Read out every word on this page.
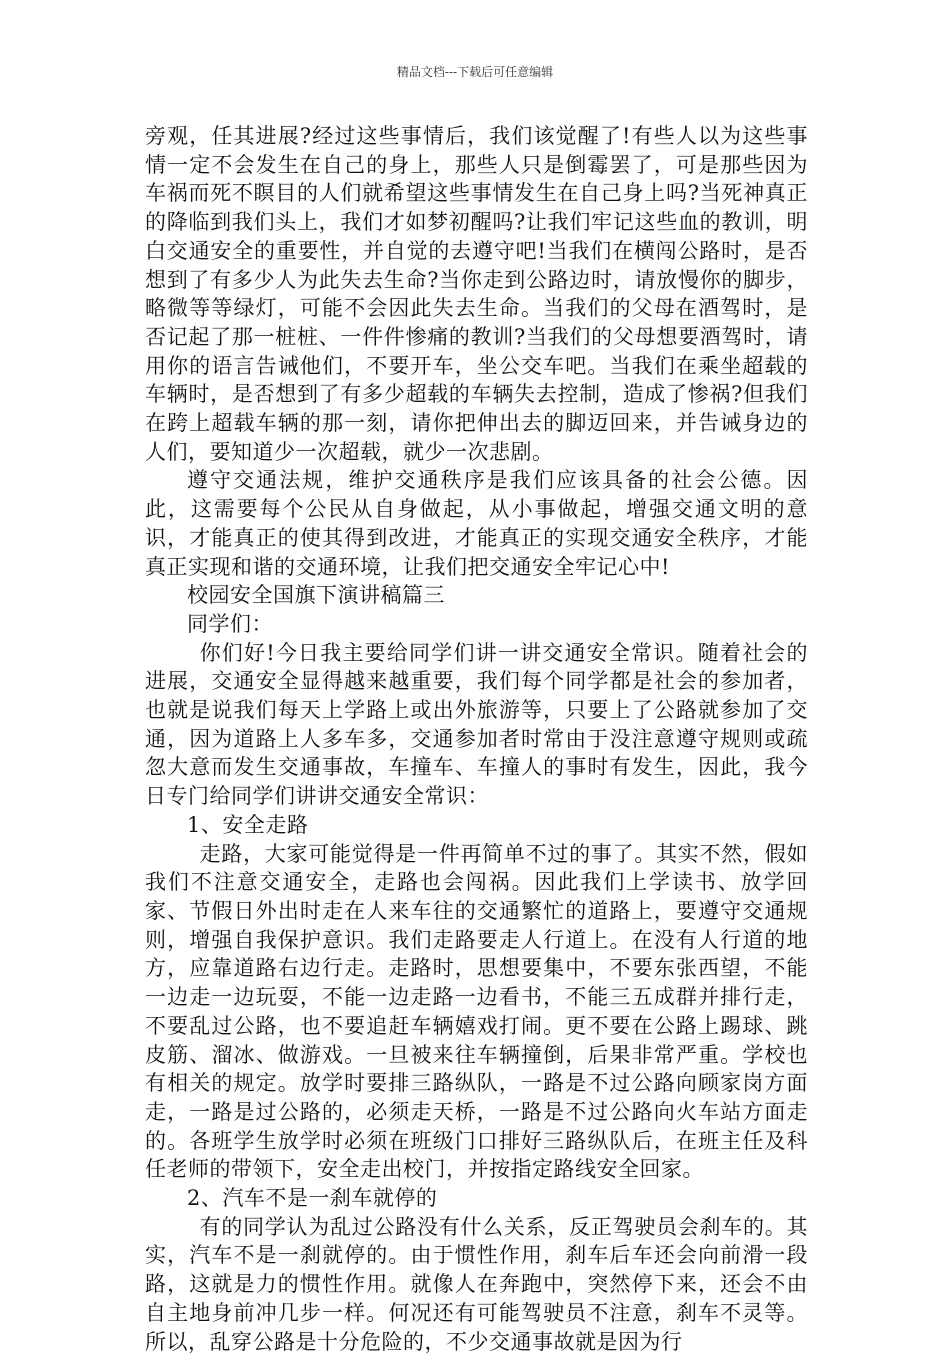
精品文档---下载后可任意编辑

旁观，任其进展?经过这些事情后，我们该觉醒了!有些人以为这些事情一定不会发生在自己的身上，那些人只是倒霉罢了，可是那些因为车祸而死不瞑目的人们就希望这些事情发生在自己身上吗?当死神真正的降临到我们头上，我们才如梦初醒吗?让我们牢记这些血的教训，明白交通安全的重要性，并自觉的去遵守吧!当我们在横闯公路时，是否想到了有多少人为此失去生命?当你走到公路边时，请放慢你的脚步，略微等等绿灯，可能不会因此失去生命。当我们的父母在酒驾时，是否记起了那一桩桩、一件件惨痛的教训?当我们的父母想要酒驾时，请用你的语言告诫他们，不要开车，坐公交车吧。当我们在乘坐超载的车辆时，是否想到了有多少超载的车辆失去控制，造成了惨祸?但我们在跨上超载车辆的那一刻，请你把伸出去的脚迈回来，并告诫身边的人们，要知道少一次超载，就少一次悲剧。

遵守交通法规，维护交通秩序是我们应该具备的社会公德。因此，这需要每个公民从自身做起，从小事做起，增强交通文明的意识，才能真正的使其得到改进，才能真正的实现交通安全秩序，才能真正实现和谐的交通环境，让我们把交通安全牢记心中!

校园安全国旗下演讲稿篇三

同学们：

你们好!今日我主要给同学们讲一讲交通安全常识。随着社会的进展，交通安全显得越来越重要，我们每个同学都是社会的参加者，也就是说我们每天上学路上或出外旅游等，只要上了公路就参加了交通，因为道路上人多车多，交通参加者时常由于没注意遵守规则或疏忽大意而发生交通事故，车撞车、车撞人的事时有发生，因此，我今日专门给同学们讲讲交通安全常识：

1、安全走路

走路，大家可能觉得是一件再简单不过的事了。其实不然，假如我们不注意交通安全，走路也会闯祸。因此我们上学读书、放学回家、节假日外出时走在人来车往的交通繁忙的道路上，要遵守交通规则，增强自我保护意识。我们走路要走人行道上。在没有人行道的地方，应靠道路右边行走。走路时，思想要集中，不要东张西望，不能一边走一边玩耍，不能一边走路一边看书，不能三五成群并排行走，不要乱过公路，也不要追赶车辆嬉戏打闹。更不要在公路上踢球、跳皮筋、溜冰、做游戏。一旦被来往车辆撞倒，后果非常严重。学校也有相关的规定。放学时要排三路纵队，一路是不过公路向顾家岗方面走，一路是过公路的，必须走天桥，一路是不过公路向火车站方面走的。各班学生放学时必须在班级门口排好三路纵队后，在班主任及科任老师的带领下，安全走出校门，并按指定路线安全回家。

2、汽车不是一刹车就停的

有的同学认为乱过公路没有什么关系，反正驾驶员会刹车的。其实，汽车不是一刹就停的。由于惯性作用，刹车后车还会向前滑一段路，这就是力的惯性作用。就像人在奔跑中，突然停下来，还会不由自主地身前冲几步一样。何况还有可能驾驶员不注意，刹车不灵等。所以，乱穿公路是十分危险的，不少交通事故就是因为行
